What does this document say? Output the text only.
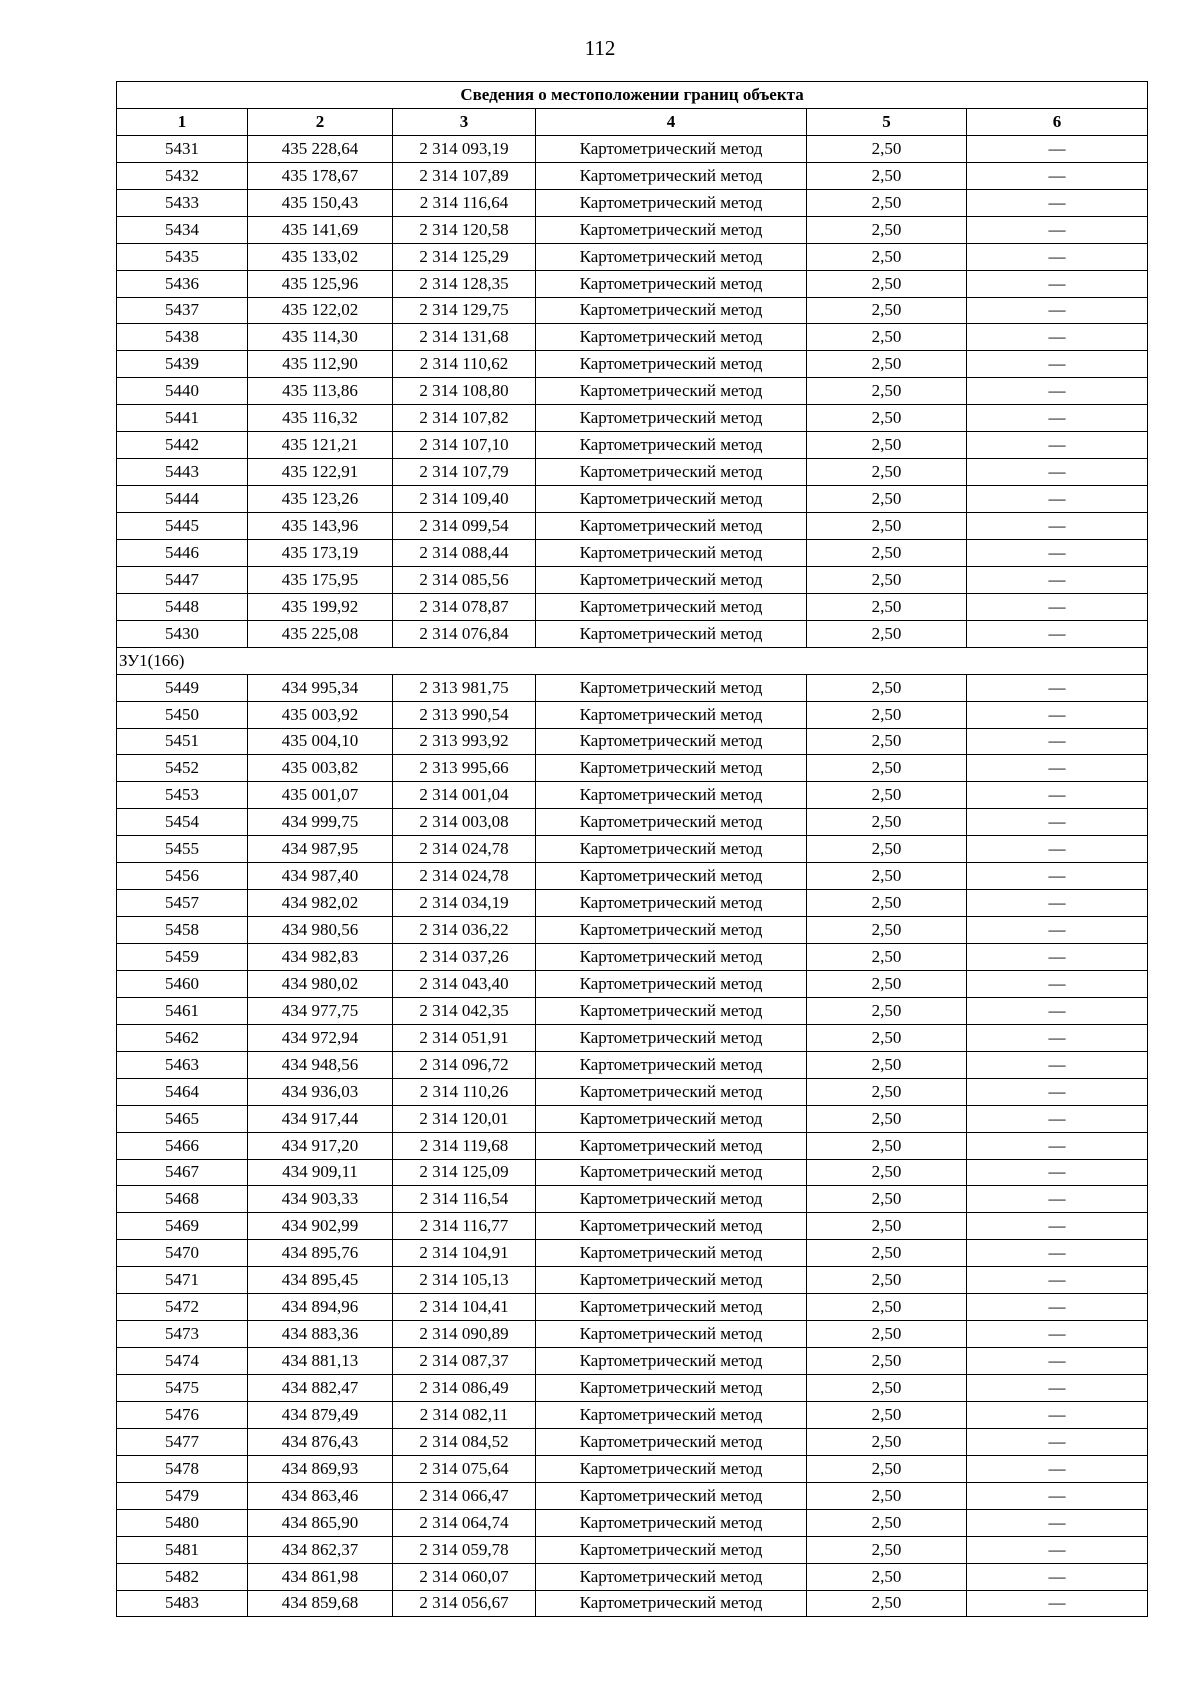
112
Сведения о местоположении границ объекта					
1	2	3	4	5	6
5431	435 228,64	2 314 093,19	Картометрический метод	2,50	—
5432	435 178,67	2 314 107,89	Картометрический метод	2,50	—
5433	435 150,43	2 314 116,64	Картометрический метод	2,50	—
5434	435 141,69	2 314 120,58	Картометрический метод	2,50	—
5435	435 133,02	2 314 125,29	Картометрический метод	2,50	—
5436	435 125,96	2 314 128,35	Картометрический метод	2,50	—
5437	435 122,02	2 314 129,75	Картометрический метод	2,50	—
5438	435 114,30	2 314 131,68	Картометрический метод	2,50	—
5439	435 112,90	2 314 110,62	Картометрический метод	2,50	—
5440	435 113,86	2 314 108,80	Картометрический метод	2,50	—
5441	435 116,32	2 314 107,82	Картометрический метод	2,50	—
5442	435 121,21	2 314 107,10	Картометрический метод	2,50	—
5443	435 122,91	2 314 107,79	Картометрический метод	2,50	—
5444	435 123,26	2 314 109,40	Картометрический метод	2,50	—
5445	435 143,96	2 314 099,54	Картометрический метод	2,50	—
5446	435 173,19	2 314 088,44	Картометрический метод	2,50	—
5447	435 175,95	2 314 085,56	Картометрический метод	2,50	—
5448	435 199,92	2 314 078,87	Картометрический метод	2,50	—
5430	435 225,08	2 314 076,84	Картометрический метод	2,50	—
ЗУ1(166)					
5449	434 995,34	2 313 981,75	Картометрический метод	2,50	—
5450	435 003,92	2 313 990,54	Картометрический метод	2,50	—
5451	435 004,10	2 313 993,92	Картометрический метод	2,50	—
5452	435 003,82	2 313 995,66	Картометрический метод	2,50	—
5453	435 001,07	2 314 001,04	Картометрический метод	2,50	—
5454	434 999,75	2 314 003,08	Картометрический метод	2,50	—
5455	434 987,95	2 314 024,78	Картометрический метод	2,50	—
5456	434 987,40	2 314 024,78	Картометрический метод	2,50	—
5457	434 982,02	2 314 034,19	Картометрический метод	2,50	—
5458	434 980,56	2 314 036,22	Картометрический метод	2,50	—
5459	434 982,83	2 314 037,26	Картометрический метод	2,50	—
5460	434 980,02	2 314 043,40	Картометрический метод	2,50	—
5461	434 977,75	2 314 042,35	Картометрический метод	2,50	—
5462	434 972,94	2 314 051,91	Картометрический метод	2,50	—
5463	434 948,56	2 314 096,72	Картометрический метод	2,50	—
5464	434 936,03	2 314 110,26	Картометрический метод	2,50	—
5465	434 917,44	2 314 120,01	Картометрический метод	2,50	—
5466	434 917,20	2 314 119,68	Картометрический метод	2,50	—
5467	434 909,11	2 314 125,09	Картометрический метод	2,50	—
5468	434 903,33	2 314 116,54	Картометрический метод	2,50	—
5469	434 902,99	2 314 116,77	Картометрический метод	2,50	—
5470	434 895,76	2 314 104,91	Картометрический метод	2,50	—
5471	434 895,45	2 314 105,13	Картометрический метод	2,50	—
5472	434 894,96	2 314 104,41	Картометрический метод	2,50	—
5473	434 883,36	2 314 090,89	Картометрический метод	2,50	—
5474	434 881,13	2 314 087,37	Картометрический метод	2,50	—
5475	434 882,47	2 314 086,49	Картометрический метод	2,50	—
5476	434 879,49	2 314 082,11	Картометрический метод	2,50	—
5477	434 876,43	2 314 084,52	Картометрический метод	2,50	—
5478	434 869,93	2 314 075,64	Картометрический метод	2,50	—
5479	434 863,46	2 314 066,47	Картометрический метод	2,50	—
5480	434 865,90	2 314 064,74	Картометрический метод	2,50	—
5481	434 862,37	2 314 059,78	Картометрический метод	2,50	—
5482	434 861,98	2 314 060,07	Картометрический метод	2,50	—
5483	434 859,68	2 314 056,67	Картометрический метод	2,50	—
